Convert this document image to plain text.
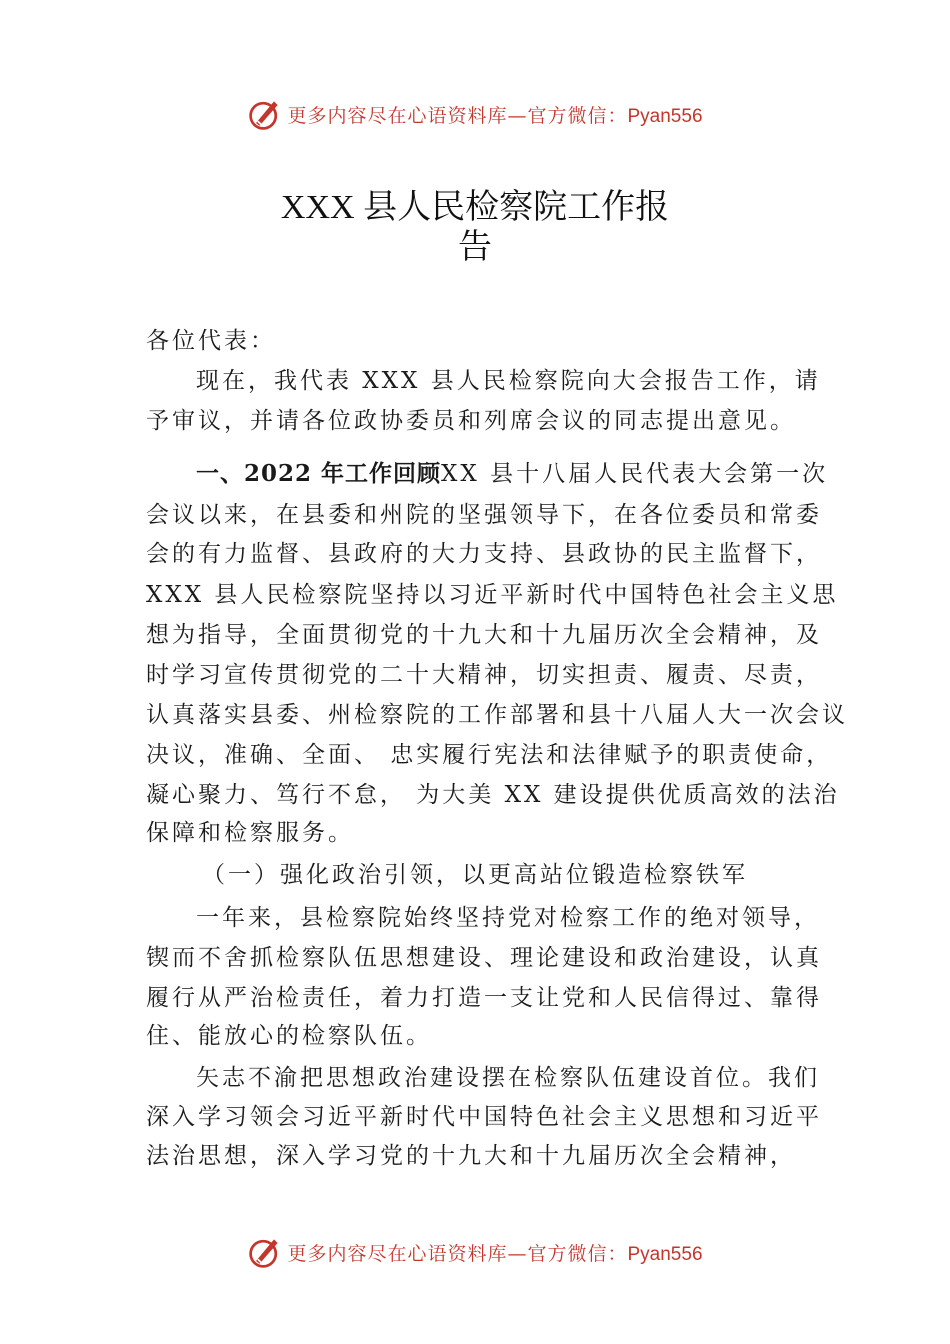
更多内容尽在心语资料库—官方微信：Pyan556
XXX 县人民检察院工作报
告
各位代表：
现在，我代表 XXX 县人民检察院向大会报告工作，请
予审议，并请各位政协委员和列席会议的同志提出意见。
一、2022 年工作回顾XX 县十八届人民代表大会第一次
会议以来，在县委和州院的坚强领导下，在各位委员和常委
会的有力监督、县政府的大力支持、县政协的民主监督下，
XXX 县人民检察院坚持以习近平新时代中国特色社会主义思
想为指导，全面贯彻党的十九大和十九届历次全会精神，及
时学习宣传贯彻党的二十大精神，切实担责、履责、尽责，
认真落实县委、州检察院的工作部署和县十八届人大一次会议
决议，准确、全面、 忠实履行宪法和法律赋予的职责使命，
凝心聚力、笃行不怠， 为大美 XX 建设提供优质高效的法治
保障和检察服务。
（一）强化政治引领，以更高站位锻造检察铁军
一年来，县检察院始终坚持党对检察工作的绝对领导，
锲而不舍抓检察队伍思想建设、理论建设和政治建设，认真
履行从严治检责任，着力打造一支让党和人民信得过、靠得
住、能放心的检察队伍。
矢志不渝把思想政治建设摆在检察队伍建设首位。我们
深入学习领会习近平新时代中国特色社会主义思想和习近平
法治思想，深入学习党的十九大和十九届历次全会精神，
更多内容尽在心语资料库—官方微信：Pyan556
